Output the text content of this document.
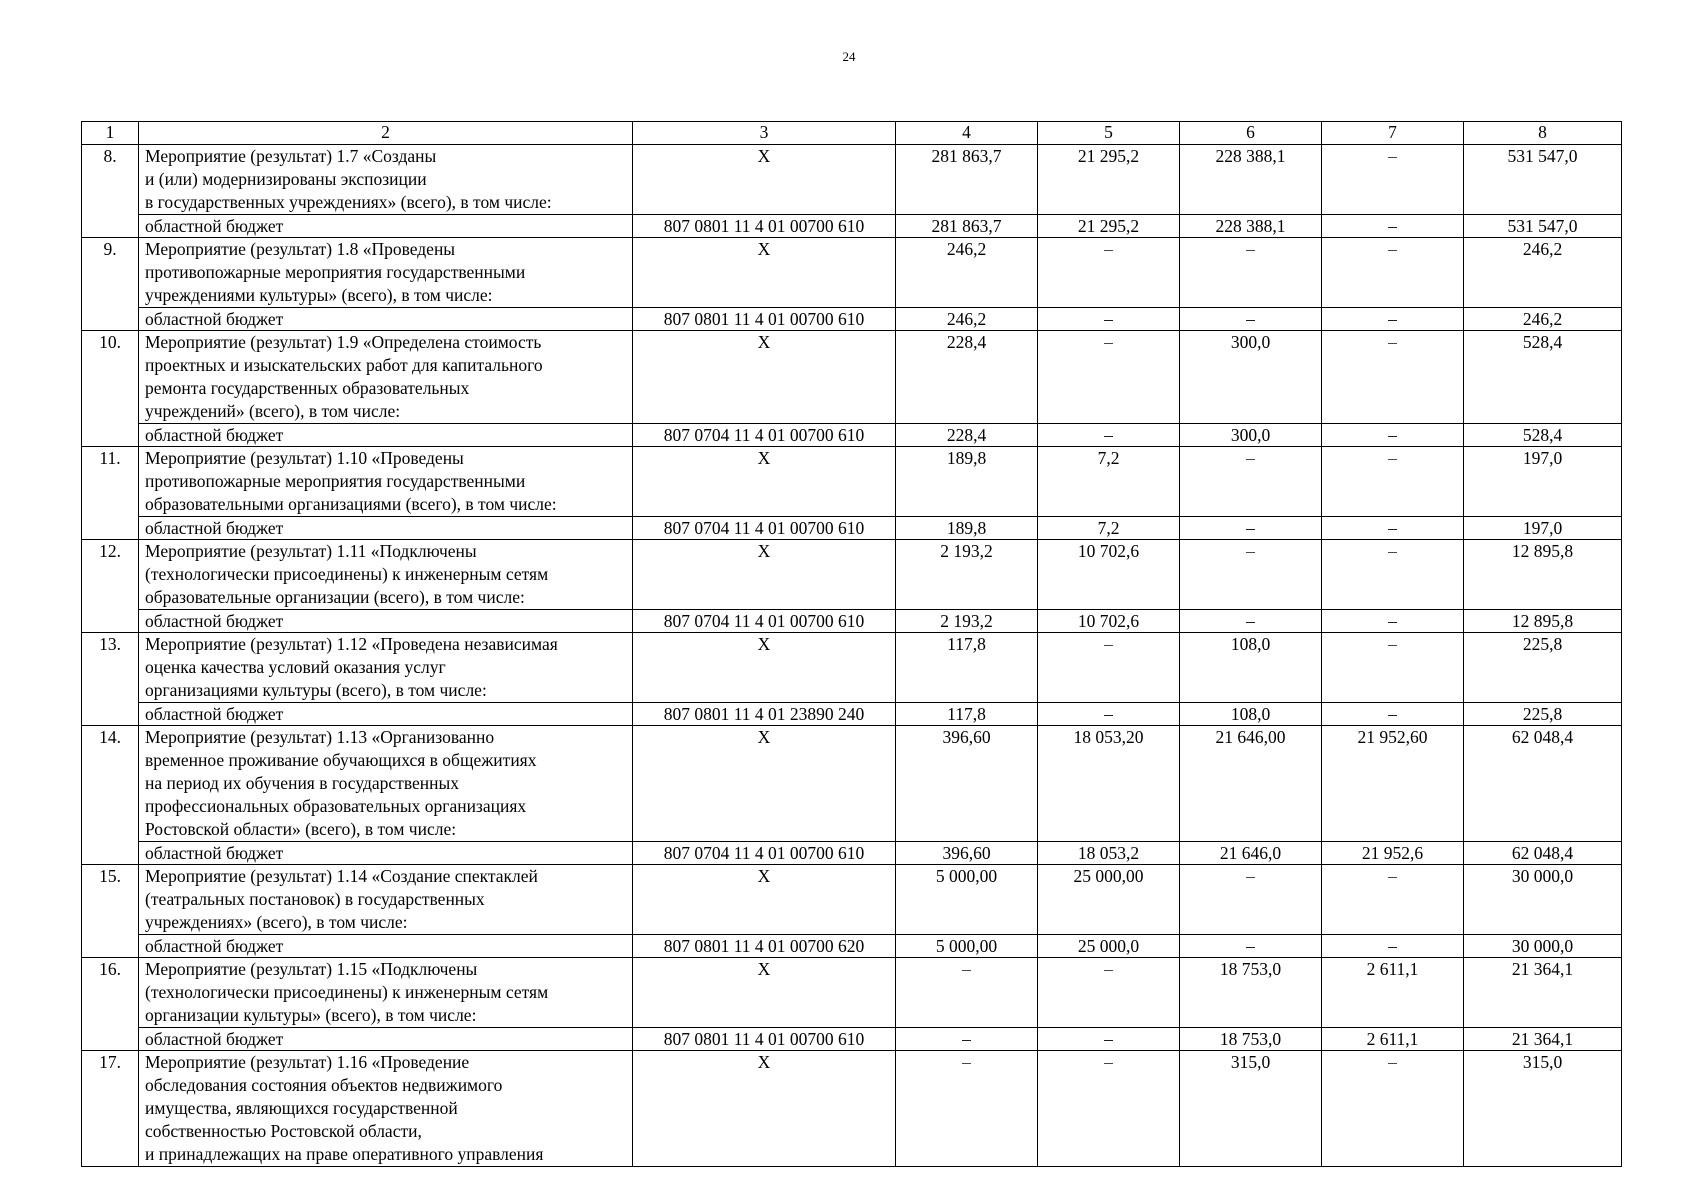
24
1	2	3	4	5	6	7	8
8.	Мероприятие (результат) 1.7 «Созданы
и (или) модернизированы экспозиции
в государственных учреждениях» (всего), в том числе:	X	281 863,7	21 295,2	228 388,1	–	531 547,0
	областной бюджет	807 0801 11 4 01 00700 610	281 863,7	21 295,2	228 388,1	–	531 547,0
9.	Мероприятие (результат) 1.8 «Проведены
противопожарные мероприятия государственными
учреждениями культуры» (всего), в том числе:	X	246,2	–	–	–	246,2
	областной бюджет	807 0801 11 4 01 00700 610	246,2	–	–	–	246,2
10.	Мероприятие (результат) 1.9 «Определена стоимость
проектных и изыскательских работ для капитального
ремонта государственных образовательных
учреждений» (всего), в том числе:	X	228,4	–	300,0	–	528,4
	областной бюджет	807 0704 11 4 01 00700 610	228,4	–	300,0	–	528,4
11.	Мероприятие (результат) 1.10 «Проведены
противопожарные мероприятия государственными
образовательными организациями (всего), в том числе:	X	189,8	7,2	–	–	197,0
	областной бюджет	807 0704 11 4 01 00700 610	189,8	7,2	–	–	197,0
12.	Мероприятие (результат) 1.11 «Подключены
(технологически присоединены) к инженерным сетям
образовательные организации (всего), в том числе:	X	2 193,2	10 702,6	–	–	12 895,8
	областной бюджет	807 0704 11 4 01 00700 610	2 193,2	10 702,6	–	–	12 895,8
13.	Мероприятие (результат) 1.12 «Проведена независимая
оценка качества условий оказания услуг
организациями культуры (всего), в том числе:	X	117,8	–	108,0	–	225,8
	областной бюджет	807 0801 11 4 01 23890 240	117,8	–	108,0	–	225,8
14.	Мероприятие (результат) 1.13 «Организованно
временное проживание обучающихся в общежитиях
на период их обучения в государственных
профессиональных образовательных организациях
Ростовской области» (всего), в том числе:	X	396,60	18 053,20	21 646,00	21 952,60	62 048,4
	областной бюджет	807 0704 11 4 01 00700 610	396,60	18 053,2	21 646,0	21 952,6	62 048,4
15.	Мероприятие (результат) 1.14 «Создание спектаклей
(театральных постановок) в государственных
учреждениях» (всего), в том числе:	X	5 000,00	25 000,00	–	–	30 000,0
	областной бюджет	807 0801 11 4 01 00700 620	5 000,00	25 000,0	–	–	30 000,0
16.	Мероприятие (результат) 1.15 «Подключены
(технологически присоединены) к инженерным сетям
организации культуры» (всего), в том числе:	X	–	–	18 753,0	2 611,1	21 364,1
	областной бюджет	807 0801 11 4 01 00700 610	–	–	18 753,0	2 611,1	21 364,1
17.	Мероприятие (результат) 1.16 «Проведение
обследования состояния объектов недвижимого
имущества, являющихся государственной
собственностью Ростовской области,
и принадлежащих на праве оперативного управления	X	–	–	315,0	–	315,0
